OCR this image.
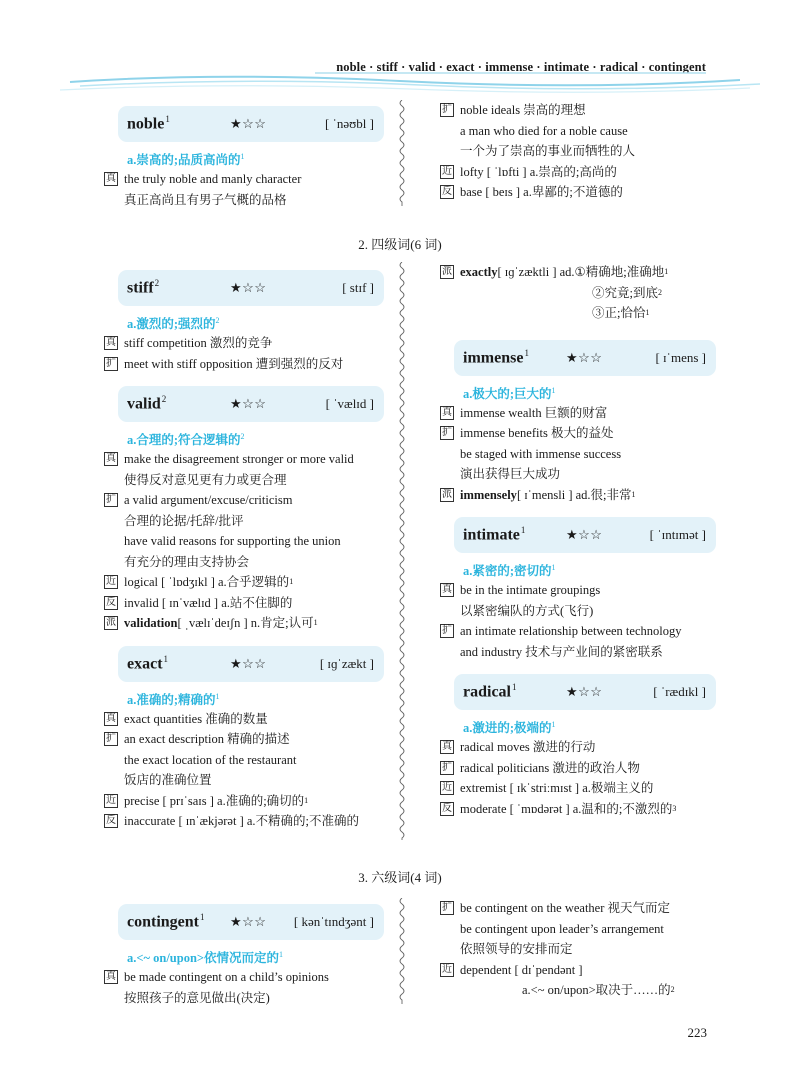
noble · stiff · valid · exact · immense · intimate · radical · contingent
noble$^1$	★☆☆	[ ˈnəʊbl ]
a.崇高的;品质高尚的$^1$
真 the truly noble and manly character
真正高尚且有男子气概的品格
扩 noble ideals 崇高的理想
a man who died for a noble cause
一个为了崇高的事业而牺牲的人
近 lofty [ ˈlɒfti ] a.崇高的;高尚的
反 base [ beɪs ] a.卑鄙的;不道德的
2. 四级词(6 词)
stiff$^2$	★☆☆	[ stɪf ]
a.激烈的;强烈的$^2$
真 stiff competition 激烈的竞争
扩 meet with stiff opposition 遭到强烈的反对
valid$^2$	★☆☆	[ ˈvælɪd ]
a.合理的;符合逻辑的$^2$
真 make the disagreement stronger or more valid
使得反对意见更有力或更合理
扩 a valid argument/excuse/criticism
合理的论据/托辞/批评
have valid reasons for supporting the union
有充分的理由支持协会
近 logical [ ˈlɒdʒɪkl ] a.合乎逻辑的 1
反 invalid [ ɪnˈvælɪd ] a.站不住脚的
派 validation [ ˌvælɪˈdeɪʃn ] n.肯定;认可 1
exact$^1$	★☆☆	[ ɪɡˈzækt ]
a.准确的;精确的$^1$
真 exact quantities 准确的数量
扩 an exact description 精确的描述
the exact location of the restaurant
饭店的准确位置
近 precise [ prɪˈsaɪs ] a.准确的;确切的 1
反 inaccurate [ ɪnˈækjərət ] a.不精确的;不准确的
派 exactly [ ɪɡˈzæktli ] ad.①精确地;准确地 1
②究竟;到底 2
③正;恰恰 1
immense$^1$	★☆☆	[ ɪˈmens ]
a.极大的;巨大的$^1$
真 immense wealth 巨额的财富
扩 immense benefits 极大的益处
be staged with immense success
演出获得巨大成功
派 immensely [ ɪˈmensli ] ad.很;非常 1
intimate$^1$	★☆☆	[ ˈɪntɪmət ]
a.紧密的;密切的$^1$
真 be in the intimate groupings
以紧密编队的方式(飞行)
扩 an intimate relationship between technology
and industry 技术与产业间的紧密联系
radical$^1$	★☆☆	[ ˈrædɪkl ]
a.激进的;极端的$^1$
真 radical moves 激进的行动
扩 radical politicians 激进的政治人物
近 extremist [ ɪkˈstriːmɪst ] a.极端主义的
反 moderate [ ˈmɒdərət ] a.温和的;不激烈的 3
3. 六级词(4 词)
contingent$^1$ ★☆☆ [ kənˈtɪndʒənt ]
a.<~ on/upon>依情况而定的$^1$
真 be made contingent on a child’s opinions
按照孩子的意见做出(决定)
扩 be contingent on the weather 视天气而定
be contingent upon leader’s arrangement
依照领导的安排而定
近 dependent [ dɪˈpendənt ]
a.<~ on/upon>取决于……的 2
223
